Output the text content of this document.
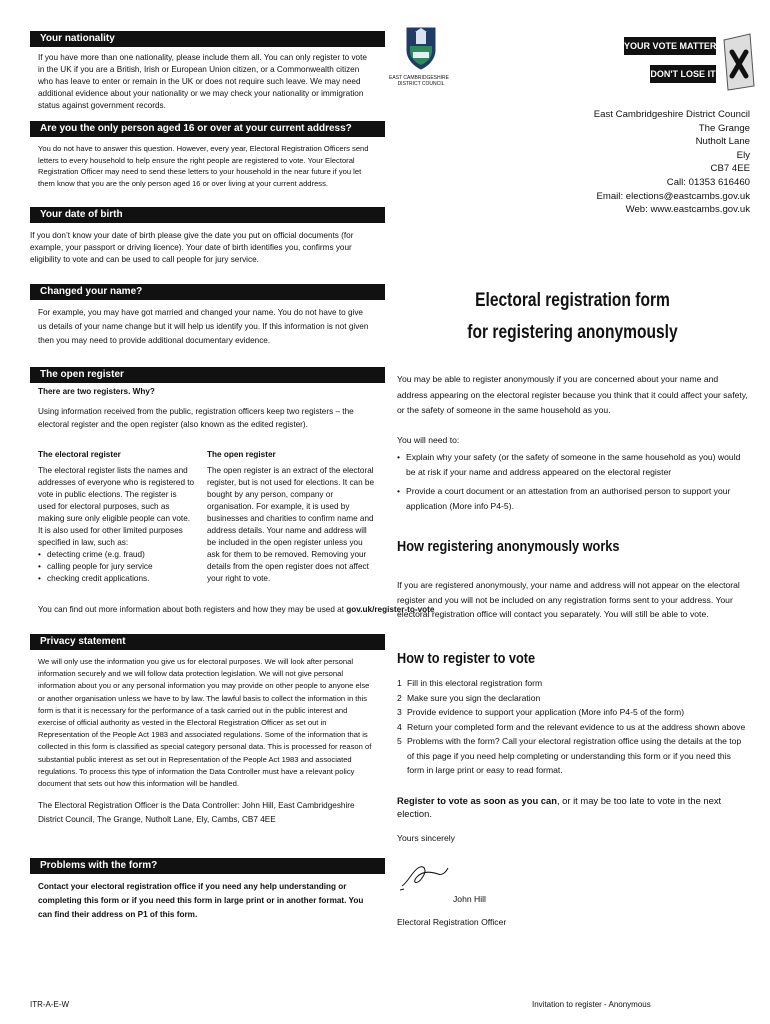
Your nationality
If you have more than one nationality, please include them all. You can only register to vote in the UK if you are a British, Irish or European Union citizen, or a Commonwealth citizen who has leave to enter or remain in the UK or does not require such leave. We may need additional evidence about your nationality or we may check your nationality or immigration status against government records.
Are you the only person aged 16 or over at your current address?
You do not have to answer this question. However, every year, Electoral Registration Officers send letters to every household to help ensure the right people are registered to vote. Your Electoral Registration Officer may need to send these letters to your household in the near future if you let them know that you are the only person aged 16 or over living at your current address.
Your date of birth
If you don’t know your date of birth please give the date you put on official documents (for example, your passport or driving licence). Your date of birth identifies you, confirms your eligibility to vote and can be used to call people for jury service.
Changed your name?
For example, you may have got married and changed your name. You do not have to give us details of your name change but it will help us identify you. If this information is not given then you may need to provide additional documentary evidence.
The open register
There are two registers. Why?
Using information received from the public, registration officers keep two registers – the electoral register and the open register (also known as the edited register).
The electoral register
The electoral register lists the names and addresses of everyone who is registered to vote in public elections. The register is used for electoral purposes, such as making sure only eligible people can vote. It is also used for other limited purposes specified in law, such as:
• detecting crime (e.g. fraud)
• calling people for jury service
• checking credit applications.
The open register
The open register is an extract of the electoral register, but is not used for elections. It can be bought by any person, company or organisation. For example, it is used by businesses and charities to confirm name and address details. Your name and address will be included in the open register unless you ask for them to be removed. Removing your details from the open register does not affect your right to vote.
You can find out more information about both registers and how they may be used at gov.uk/register-to-vote
Privacy statement
We will only use the information you give us for electoral purposes. We will look after personal information securely and we will follow data protection legislation. We will not give personal information about you or any personal information you may provide on other people to anyone else or another organisation unless we have to by law. The lawful basis to collect the information in this form is that it is necessary for the performance of a task carried out in the public interest and exercise of official authority as vested in the Electoral Registration Officer as set out in Representation of the People Act 1983 and associated regulations. Some of the information that is collected in this form is classified as special category personal data. This is processed for reason of substantial public interest as set out in Representation of the People Act 1983 and associated regulations. To process this type of information the Data Controller must have a relevant policy document that sets out how this information will be handled.
The Electoral Registration Officer is the Data Controller: John Hill, East Cambridgeshire District Council, The Grange, Nutholt Lane, Ely, Cambs, CB7 4EE
Problems with the form?
Contact your electoral registration office if you need any help understanding or completing this form or if you need this form in large print or in another format. You can find their address on P1 of this form.
ITR-A-E-W
EAST CAMBRIDGESHIRE
DISTRICT COUNCIL
YOUR VOTE MATTERS
DON'T LOSE IT
East Cambridgeshire District Council
The Grange
Nutholt Lane
Ely
CB7 4EE
Call: 01353 616460
Email: elections@eastcambs.gov.uk
Web: www.eastcambs.gov.uk
Electoral registration form
for registering anonymously
You may be able to register anonymously if you are concerned about your name and address appearing on the electoral register because you think that it could affect your safety, or the safety of someone in the same household as you.
You will need to:
• Explain why your safety (or the safety of someone in the same household as you) would be at risk if your name and address appeared on the electoral register
• Provide a court document or an attestation from an authorised person to support your application (More info P4-5).
How registering anonymously works
If you are registered anonymously, your name and address will not appear on the electoral register and you will not be included on any registration forms sent to your address. Your electoral registration office will contact you separately. You will still be able to vote.
How to register to vote
1 Fill in this electoral registration form
2 Make sure you sign the declaration
3 Provide evidence to support your application (More info P4-5 of the form)
4 Return your completed form and the relevant evidence to us at the address shown above
5 Problems with the form? Call your electoral registration office using the details at the top of this page if you need help completing or understanding this form or if you need this form in large print or easy to read format.
Register to vote as soon as you can, or it may be too late to vote in the next election.
Yours sincerely
John Hill
Electoral Registration Officer
Invitation to register - Anonymous
